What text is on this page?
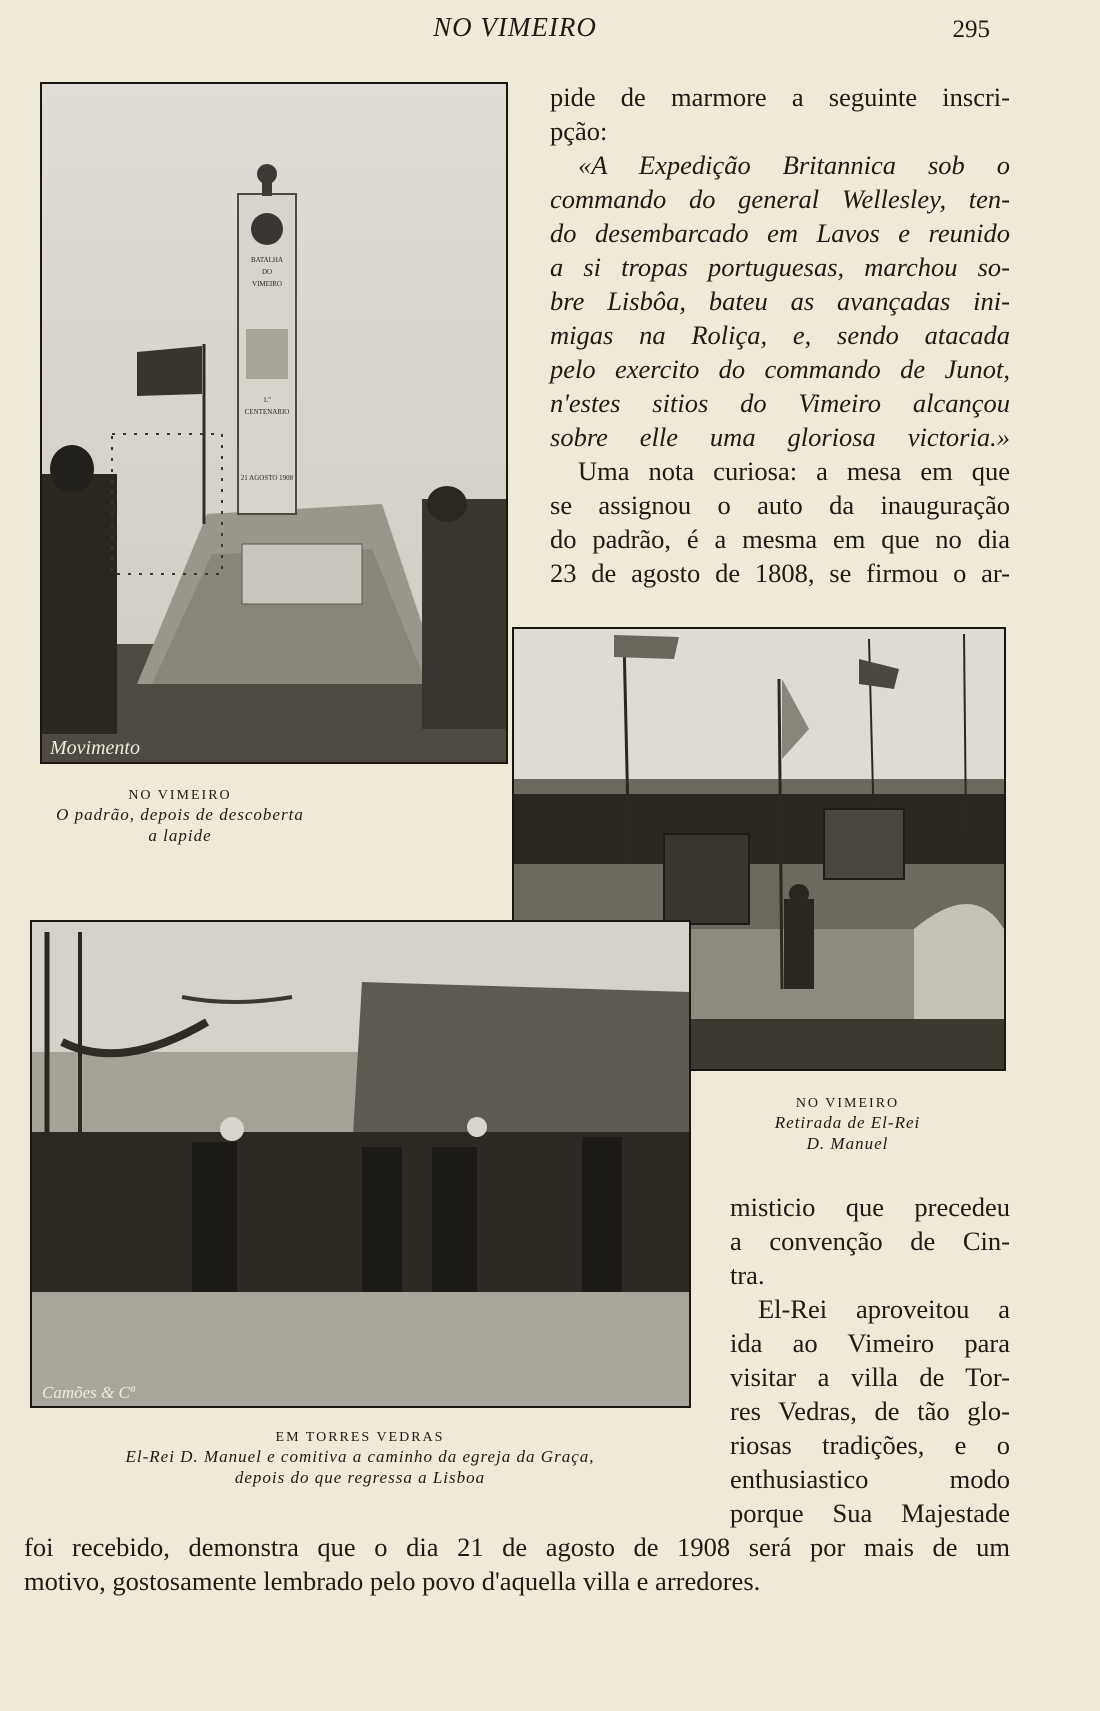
NO VIMEIRO	295
BATALHA
DO
VIMEIRO
1.º
CENTENARIO
21 AGOSTO 1908
Movimento
Camões & Cª
pide de marmore a seguinte inscri-
pção:
«A Expedição Britannica sob o
commando do general Wellesley, ten-
do desembarcado em Lavos e reunido
a si tropas portuguesas, marchou so-
bre Lisbôa, bateu as avançadas ini-
migas na Roliça, e, sendo atacada
pelo exercito do commando de Junot,
n'estes sitios do Vimeiro alcançou
sobre elle uma gloriosa victoria.»
Uma nota curiosa: a mesa em que
se assignou o auto da inauguração
do padrão, é a mesma em que no dia
23 de agosto de 1808, se firmou o ar-
NO VIMEIRO
O padrão, depois de descoberta
a lapide
NO VIMEIRO
Retirada de El-Rei
D. Manuel
EM TORRES VEDRAS
El-Rei D. Manuel e comitiva a caminho da egreja da Graça,
depois do que regressa a Lisboa
misticio que precedeu
a convenção de Cin-
tra.
El-Rei aproveitou a
ida ao Vimeiro para
visitar a villa de Tor-
res Vedras, de tão glo-
riosas tradições, e o
enthusiastico modo
porque Sua Majestade
foi recebido, demonstra que o dia 21 de agosto de 1908 será por mais de um
motivo, gostosamente lembrado pelo povo d'aquella villa e arredores.
